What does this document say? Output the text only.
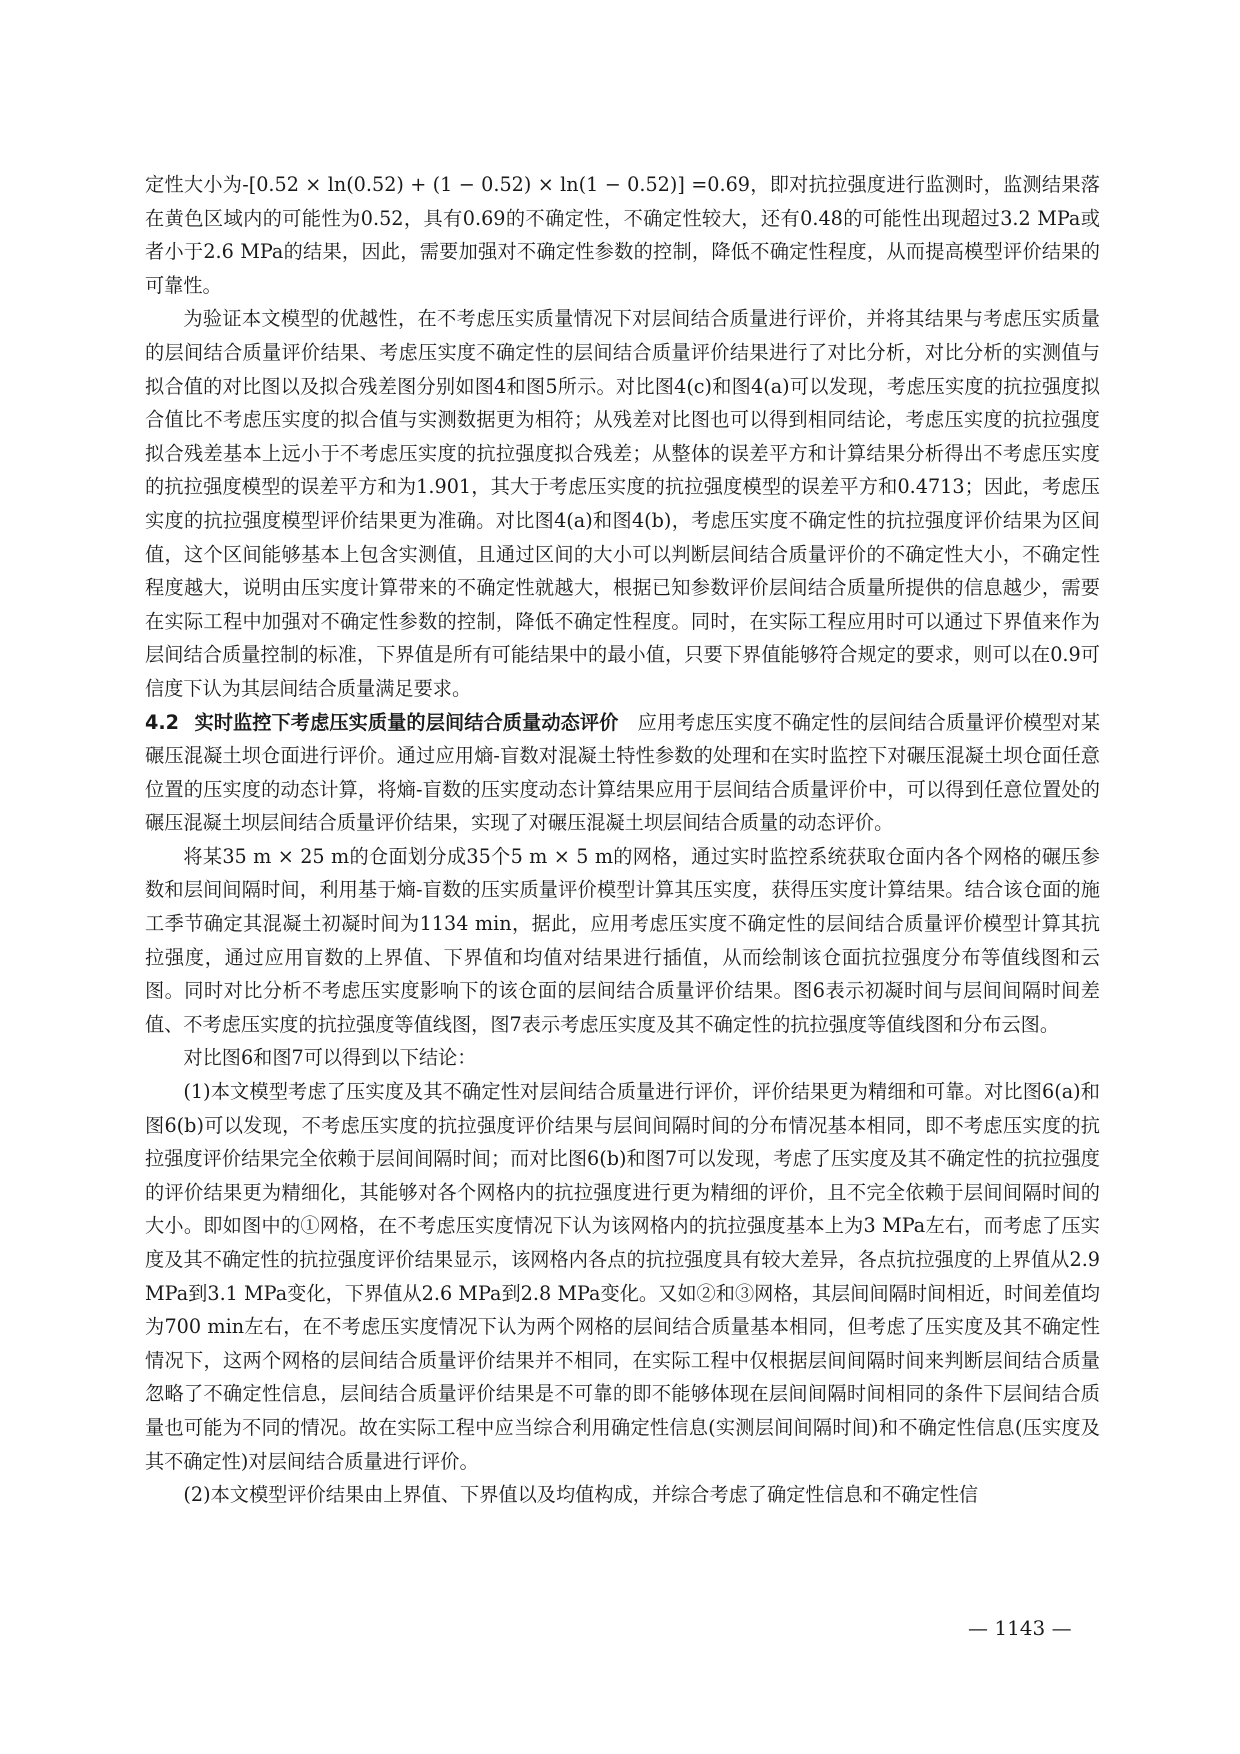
定性大小为-[0.52 × ln(0.52) + (1 − 0.52) × ln(1 − 0.52)] =0.69，即对抗拉强度进行监测时，监测结果落在黄色区域内的可能性为0.52，具有0.69的不确定性，不确定性较大，还有0.48的可能性出现超过3.2 MPa或者小于2.6 MPa的结果，因此，需要加强对不确定性参数的控制，降低不确定性程度，从而提高模型评价结果的可靠性。

为验证本文模型的优越性，在不考虑压实质量情况下对层间结合质量进行评价，并将其结果与考虑压实质量的层间结合质量评价结果、考虑压实度不确定性的层间结合质量评价结果进行了对比分析，对比分析的实测值与拟合值的对比图以及拟合残差图分别如图4和图5所示。对比图4(c)和图4(a)可以发现，考虑压实度的抗拉强度拟合值比不考虑压实度的拟合值与实测数据更为相符；从残差对比图也可以得到相同结论，考虑压实度的抗拉强度拟合残差基本上远小于不考虑压实度的抗拉强度拟合残差；从整体的误差平方和计算结果分析得出不考虑压实度的抗拉强度模型的误差平方和为1.901，其大于考虑压实度的抗拉强度模型的误差平方和0.4713；因此，考虑压实度的抗拉强度模型评价结果更为准确。对比图4(a)和图4(b)，考虑压实度不确定性的抗拉强度评价结果为区间值，这个区间能够基本上包含实测值，且通过区间的大小可以判断层间结合质量评价的不确定性大小，不确定性程度越大，说明由压实度计算带来的不确定性就越大，根据已知参数评价层间结合质量所提供的信息越少，需要在实际工程中加强对不确定性参数的控制，降低不确定性程度。同时，在实际工程应用时可以通过下界值来作为层间结合质量控制的标准，下界值是所有可能结果中的最小值，只要下界值能够符合规定的要求，则可以在0.9可信度下认为其层间结合质量满足要求。

4.2 实时监控下考虑压实质量的层间结合质量动态评价 应用考虑压实度不确定性的层间结合质量评价模型对某碾压混凝土坝仓面进行评价。通过应用熵-盲数对混凝土特性参数的处理和在实时监控下对碾压混凝土坝仓面任意位置的压实度的动态计算，将熵-盲数的压实度动态计算结果应用于层间结合质量评价中，可以得到任意位置处的碾压混凝土坝层间结合质量评价结果，实现了对碾压混凝土坝层间结合质量的动态评价。

将某35 m × 25 m的仓面划分成35个5 m × 5 m的网格，通过实时监控系统获取仓面内各个网格的碾压参数和层间间隔时间，利用基于熵-盲数的压实质量评价模型计算其压实度，获得压实度计算结果。结合该仓面的施工季节确定其混凝土初凝时间为1134 min，据此，应用考虑压实度不确定性的层间结合质量评价模型计算其抗拉强度，通过应用盲数的上界值、下界值和均值对结果进行插值，从而绘制该仓面抗拉强度分布等值线图和云图。同时对比分析不考虑压实度影响下的该仓面的层间结合质量评价结果。图6表示初凝时间与层间间隔时间差值、不考虑压实度的抗拉强度等值线图，图7表示考虑压实度及其不确定性的抗拉强度等值线图和分布云图。

对比图6和图7可以得到以下结论：

(1)本文模型考虑了压实度及其不确定性对层间结合质量进行评价，评价结果更为精细和可靠。对比图6(a)和图6(b)可以发现，不考虑压实度的抗拉强度评价结果与层间间隔时间的分布情况基本相同，即不考虑压实度的抗拉强度评价结果完全依赖于层间间隔时间；而对比图6(b)和图7可以发现，考虑了压实度及其不确定性的抗拉强度的评价结果更为精细化，其能够对各个网格内的抗拉强度进行更为精细的评价，且不完全依赖于层间间隔时间的大小。即如图中的①网格，在不考虑压实度情况下认为该网格内的抗拉强度基本上为3 MPa左右，而考虑了压实度及其不确定性的抗拉强度评价结果显示，该网格内各点的抗拉强度具有较大差异，各点抗拉强度的上界值从2.9 MPa到3.1 MPa变化，下界值从2.6 MPa到2.8 MPa变化。又如②和③网格，其层间间隔时间相近，时间差值均为700 min左右，在不考虑压实度情况下认为两个网格的层间结合质量基本相同，但考虑了压实度及其不确定性情况下，这两个网格的层间结合质量评价结果并不相同，在实际工程中仅根据层间间隔时间来判断层间结合质量忽略了不确定性信息，层间结合质量评价结果是不可靠的即不能够体现在层间间隔时间相同的条件下层间结合质量也可能为不同的情况。故在实际工程中应当综合利用确定性信息(实测层间间隔时间)和不确定性信息(压实度及其不确定性)对层间结合质量进行评价。

(2)本文模型评价结果由上界值、下界值以及均值构成，并综合考虑了确定性信息和不确定性信

— 1143 —
